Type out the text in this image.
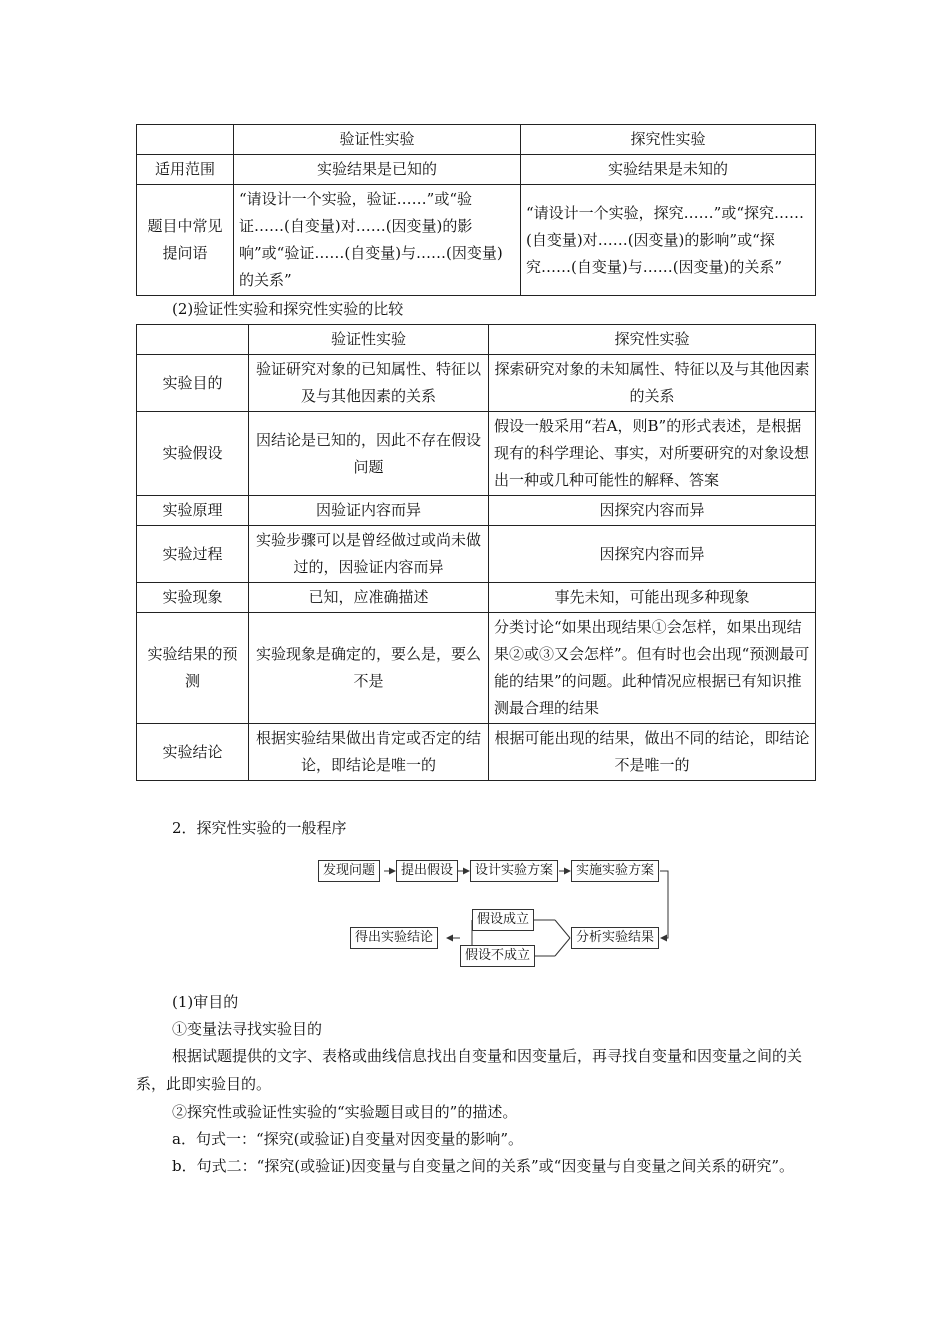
	验证性实验	探究性实验
适用范围	实验结果是已知的	实验结果是未知的
题目中常见提问语	“请设计一个实验，验证……”或“验证……(自变量)对……(因变量)的影响”或“验证……(自变量)与……(因变量)的关系”	“请设计一个实验，探究……”或“探究……(自变量)对……(因变量)的影响”或“探究……(自变量)与……(因变量)的关系”
(2)验证性实验和探究性实验的比较
	验证性实验	探究性实验
实验目的	验证研究对象的已知属性、特征以及与其他因素的关系	探索研究对象的未知属性、特征以及与其他因素的关系
实验假设	因结论是已知的，因此不存在假设问题	假设一般采用“若A，则B”的形式表述，是根据现有的科学理论、事实，对所要研究的对象设想出一种或几种可能性的解释、答案
实验原理	因验证内容而异	因探究内容而异
实验过程	实验步骤可以是曾经做过或尚未做过的，因验证内容而异	因探究内容而异
实验现象	已知，应准确描述	事先未知，可能出现多种现象
实验结果的预测	实验现象是确定的，要么是，要么不是	分类讨论“如果出现结果①会怎样，如果出现结果②或③又会怎样”。但有时也会出现“预测最可能的结果”的问题。此种情况应根据已有知识推测最合理的结果
实验结论	根据实验结果做出肯定或否定的结论，即结论是唯一的	根据可能出现的结果，做出不同的结论，即结论不是唯一的
2．探究性实验的一般程序
发现问题	提出假设	设计实验方案	实施实验方案
分析实验结果
假设成立
假设不成立
得出实验结论
(1)审目的
①变量法寻找实验目的
根据试题提供的文字、表格或曲线信息找出自变量和因变量后，再寻找自变量和因变量之间的关系，此即实验目的。
②探究性或验证性实验的“实验题目或目的”的描述。
a．句式一：“探究(或验证)自变量对因变量的影响”。
b．句式二：“探究(或验证)因变量与自变量之间的关系”或“因变量与自变量之间关系的研究”。
